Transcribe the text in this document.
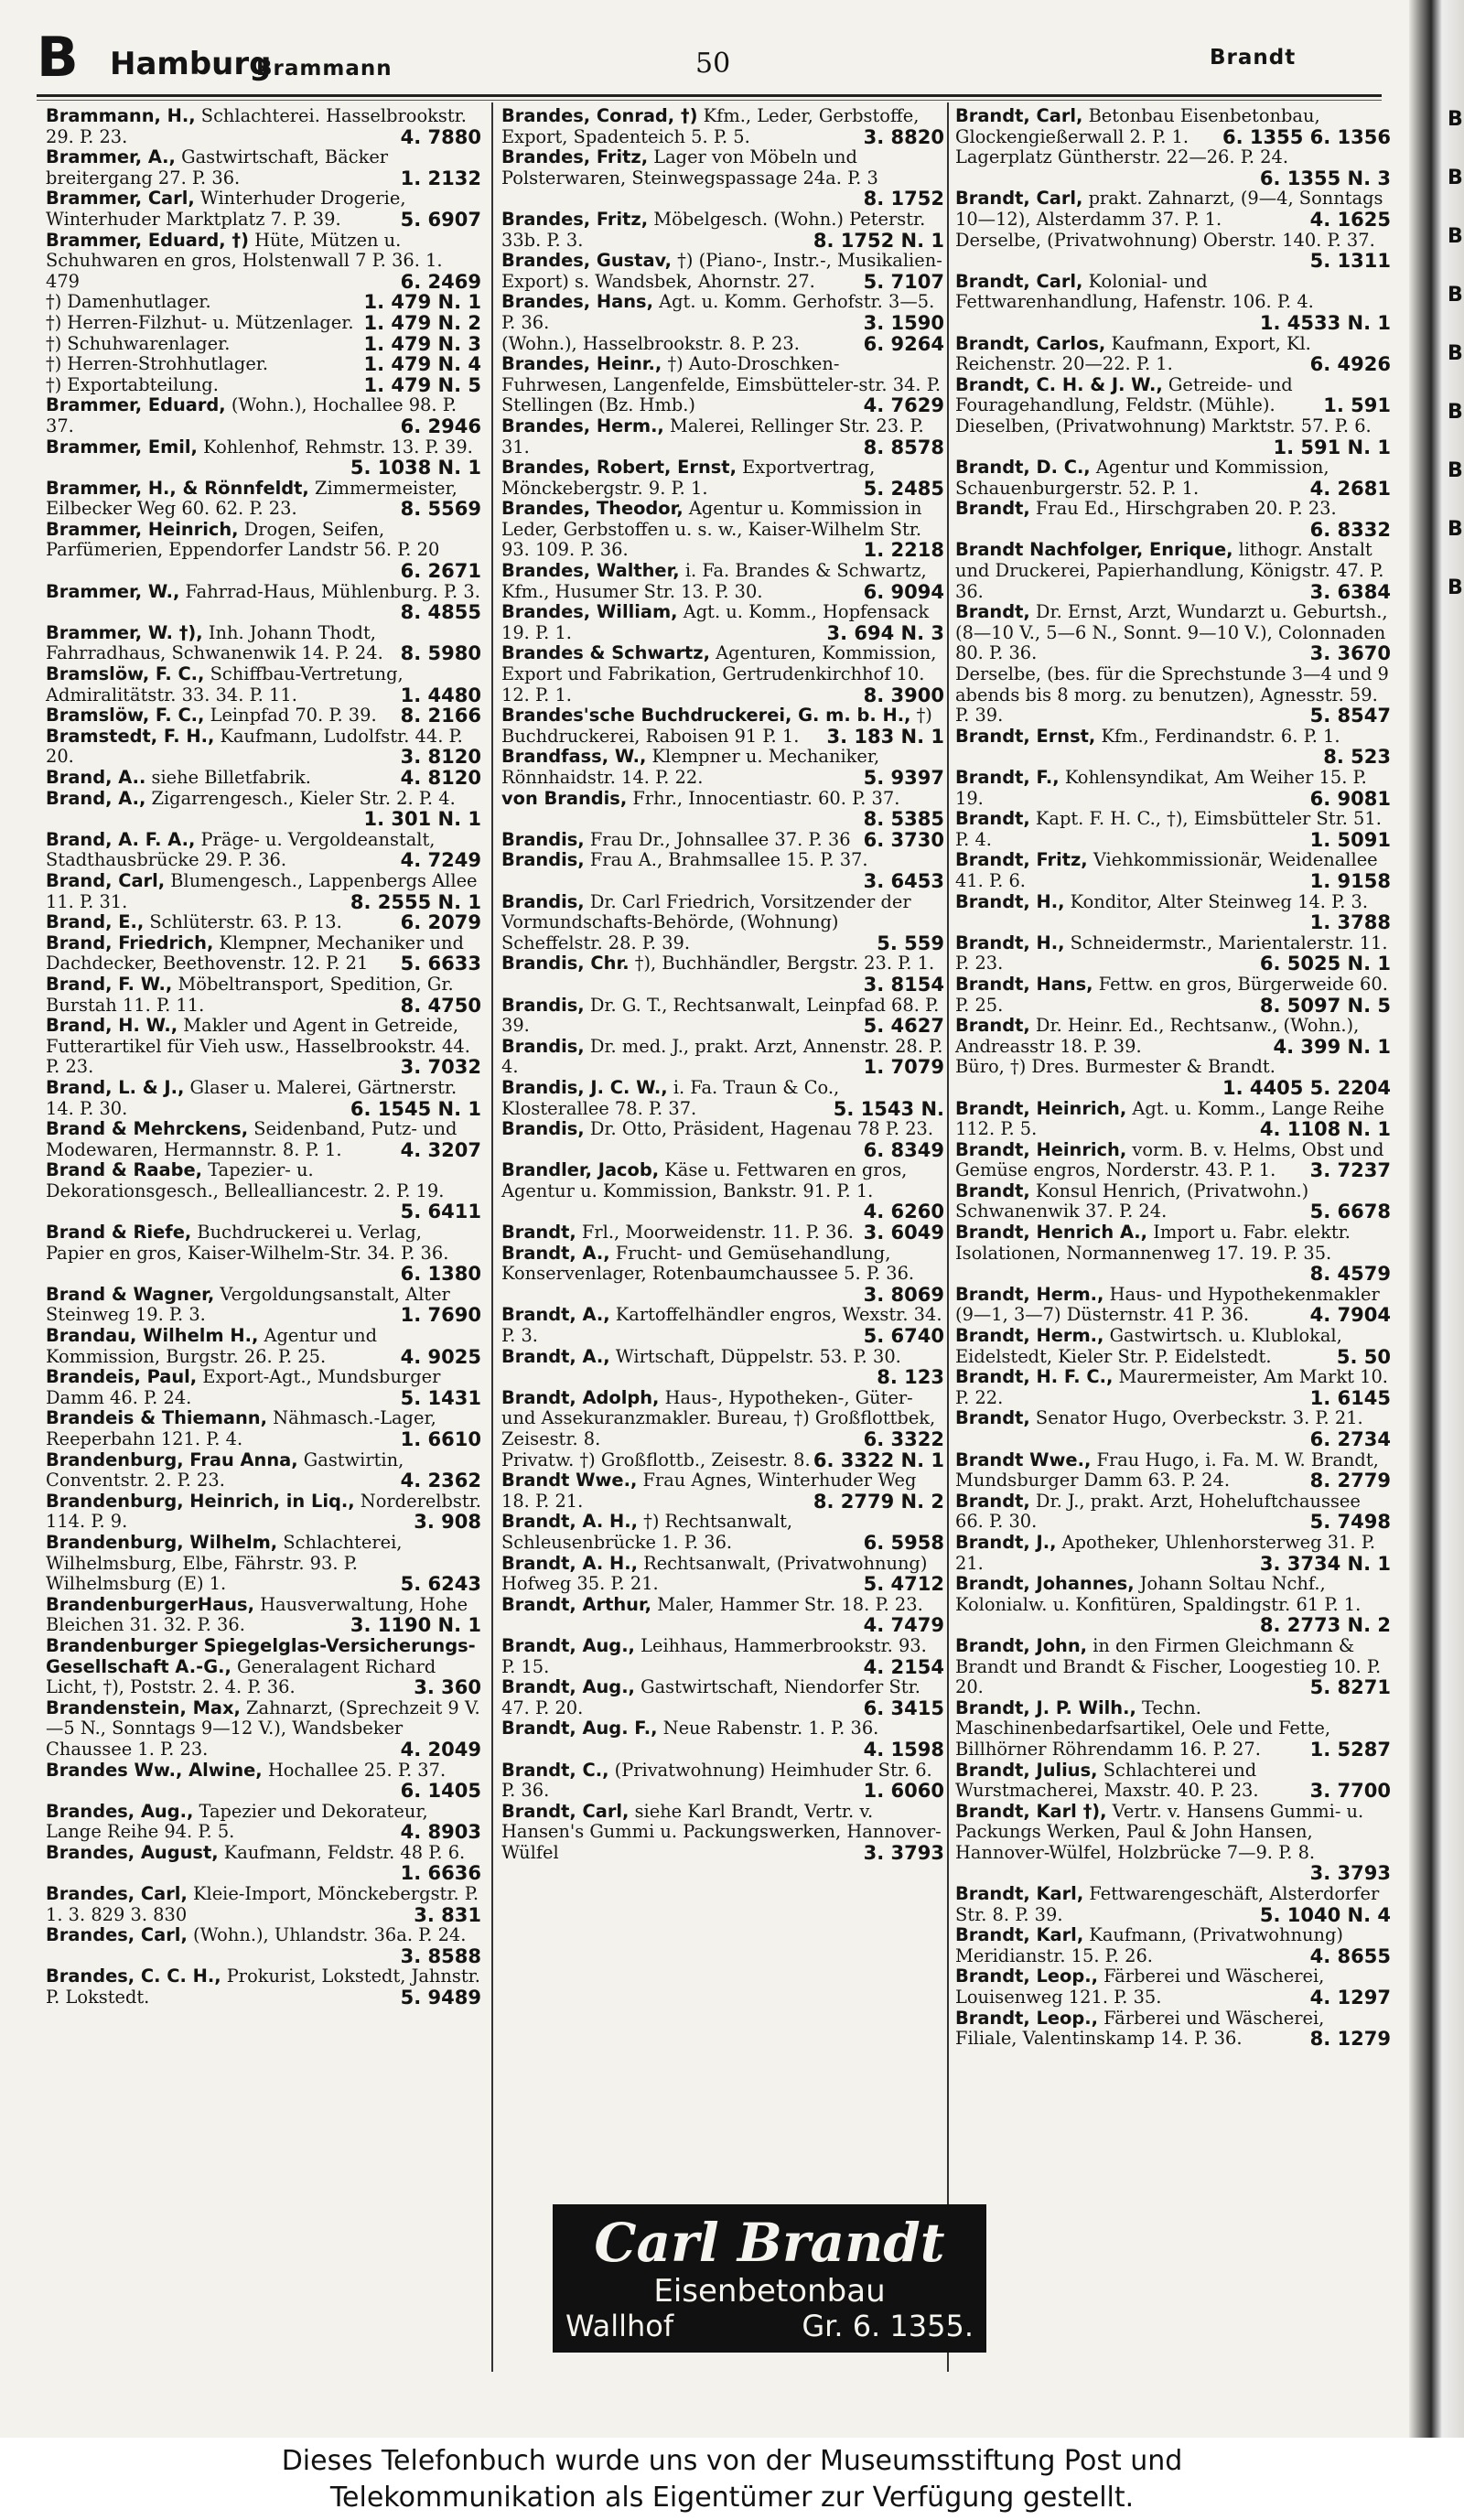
B Hamburg
Brammann	50	Brandt
Brammann, H., Schlachterei. Hasselbrookstr. 29. P. 23.	4. 7880
Brammer, A., Gastwirtschaft, Bäcker breitergang 27. P. 36.	1. 2132
Brammer, Carl, Winterhuder Drogerie, Winterhuder Marktplatz 7. P. 39.	5. 6907
Brammer, Eduard, †) Hüte, Mützen u. Schuhwaren en gros, Holstenwall 7 P. 36. 1. 479	6. 2469
†) Damenhutlager.	1. 479 N. 1
†) Herren-Filzhut- u. Mützenlager. 1. 479 N. 2
†) Schuhwarenlager.	1. 479 N. 3
†) Herren-Strohhutlager.	1. 479 N. 4
†) Exportabteilung.	1. 479 N. 5
Brammer, Eduard, (Wohn.), Hochallee 98. P. 37.	6. 2946
Brammer, Emil, Kohlenhof, Rehmstr. 13. P. 39.
5. 1038 N. 1
Brammer, H., & Rönnfeldt, Zimmermeister, Eilbecker Weg 60. 62. P. 23.	8. 5569
Brammer, Heinrich, Drogen, Seifen, Parfümerien, Eppendorfer Landstr 56. P. 20
6. 2671
Brammer, W., Fahrrad-Haus, Mühlenburg. P. 3.
8. 4855
Brammer, W. †), Inh. Johann Thodt, Fahrradhaus, Schwanenwik 14. P. 24. 8. 5980
Bramslöw, F. C., Schiffbau-Vertretung, Admiralitätstr. 33. 34. P. 11.	1. 4480
Bramslöw, F. C., Leinpfad 70. P. 39. 8. 2166
Bramstedt, F. H., Kaufmann, Ludolfstr. 44. P. 20.	3. 8120
Brand, A.. siehe Billetfabrik.	4. 8120
Brand, A., Zigarrengesch., Kieler Str. 2. P. 4.
1. 301 N. 1
Brand, A. F. A., Präge- u. Vergoldeanstalt, Stadthausbrücke 29. P. 36.	4. 7249
Brand, Carl, Blumengesch., Lappenbergs Allee 11. P. 31.	8. 2555 N. 1
Brand, E., Schlüterstr. 63. P. 13.	6. 2079
Brand, Friedrich, Klempner, Mechaniker und Dachdecker, Beethovenstr. 12. P. 21 5. 6633
Brand, F. W., Möbeltransport, Spedition, Gr. Burstah 11. P. 11.	8. 4750
Brand, H. W., Makler und Agent in Getreide, Futterartikel für Vieh usw., Hasselbrookstr. 44. P. 23.	3. 7032
Brand, L. & J., Glaser u. Malerei, Gärtnerstr. 14. P. 30.	6. 1545 N. 1
Brand & Mehrckens, Seidenband, Putz- und Modewaren, Hermannstr. 8. P. 1.	4. 3207
Brand & Raabe, Tapezier- u. Dekorationsgesch., Bellealliancestr. 2. P. 19.
5. 6411
Brand & Riefe, Buchdruckerei u. Verlag, Papier en gros, Kaiser-Wilhelm-Str. 34. P. 36.
6. 1380
Brand & Wagner, Vergoldungsanstalt, Alter Steinweg 19. P. 3.	1. 7690
Brandau, Wilhelm H., Agentur und Kommission, Burgstr. 26. P. 25.	4. 9025
Brandeis, Paul, Export-Agt., Mundsburger Damm 46. P. 24.	5. 1431
Brandeis & Thiemann, Nähmasch.-Lager, Reeperbahn 121. P. 4.	1. 6610
Brandenburg, Frau Anna, Gastwirtin, Conventstr. 2. P. 23.	4. 2362
Brandenburg, Heinrich, in Liq., Norderelbstr. 114. P. 9.	3. 908
Brandenburg, Wilhelm, Schlachterei, Wilhelmsburg, Elbe, Fährstr. 93. P. Wilhelmsburg (E) 1.	5. 6243
BrandenburgerHaus, Hausverwaltung, Hohe Bleichen 31. 32. P. 36.	3. 1190 N. 1
Brandenburger Spiegelglas-Versicherungs-Gesellschaft A.-G., Generalagent Richard Licht, †), Poststr. 2. 4. P. 36.	3. 360
Brandenstein, Max, Zahnarzt, (Sprechzeit 9 V.—5 N., Sonntags 9—12 V.), Wandsbeker Chaussee 1. P. 23.	4. 2049
Brandes Ww., Alwine, Hochallee 25. P. 37.
6. 1405
Brandes, Aug., Tapezier und Dekorateur, Lange Reihe 94. P. 5.	4. 8903
Brandes, August, Kaufmann, Feldstr. 48 P. 6.
1. 6636
Brandes, Carl, Kleie-Import, Mönckebergstr. P. 1. 3. 829 3. 830	3. 831
Brandes, Carl, (Wohn.), Uhlandstr. 36a. P. 24.
3. 8588
Brandes, C. C. H., Prokurist, Lokstedt, Jahnstr. P. Lokstedt.	5. 9489
Brandes, Conrad, †) Kfm., Leder, Gerbstoffe, Export, Spadenteich 5. P. 5.	3. 8820
Brandes, Fritz, Lager von Möbeln und Polsterwaren, Steinwegspassage 24a. P. 3
8. 1752
Brandes, Fritz, Möbelgesch. (Wohn.) Peterstr. 33b. P. 3.	8. 1752 N. 1
Brandes, Gustav, †) (Piano-, Instr.-, Musikalien-Export) s. Wandsbek, Ahornstr. 27.	5. 7107
Brandes, Hans, Agt. u. Komm. Gerhofstr. 3—5. P. 36.	3. 1590
(Wohn.), Hasselbrookstr. 8. P. 23.	6. 9264
Brandes, Heinr., †) Auto-Droschken-Fuhrwesen, Langenfelde, Eimsbütteler-str. 34. P. Stellingen (Bz. Hmb.)	4. 7629
Brandes, Herm., Malerei, Rellinger Str. 23. P. 31.	8. 8578
Brandes, Robert, Ernst, Exportvertrag, Mönckebergstr. 9. P. 1.	5. 2485
Brandes, Theodor, Agentur u. Kommission in Leder, Gerbstoffen u. s. w., Kaiser-Wilhelm Str. 93. 109. P. 36.	1. 2218
Brandes, Walther, i. Fa. Brandes & Schwartz, Kfm., Husumer Str. 13. P. 30.	6. 9094
Brandes, William, Agt. u. Komm., Hopfensack 19. P. 1.	3. 694 N. 3
Brandes & Schwartz, Agenturen, Kommission, Export und Fabrikation, Gertrudenkirchhof 10. 12. P. 1.	8. 3900
Brandes'sche Buchdruckerei, G. m. b. H., †) Buchdruckerei, Raboisen 91 P. 1. 3. 183 N. 1
Brandfass, W., Klempner u. Mechaniker, Rönnhaidstr. 14. P. 22.	5. 9397
von Brandis, Frhr., Innocentiastr. 60. P. 37.
8. 5385
Brandis, Frau Dr., Johnsallee 37. P. 36 6. 3730
Brandis, Frau A., Brahmsallee 15. P. 37.
3. 6453
Brandis, Dr. Carl Friedrich, Vorsitzender der Vormundschafts-Behörde, (Wohnung) Scheffelstr. 28. P. 39.	5. 559
Brandis, Chr. †), Buchhändler, Bergstr. 23. P. 1.
3. 8154
Brandis, Dr. G. T., Rechtsanwalt, Leinpfad 68. P. 39.	5. 4627
Brandis, Dr. med. J., prakt. Arzt, Annenstr. 28. P. 4.	1. 7079
Brandis, J. C. W., i. Fa. Traun & Co., Klosterallee 78. P. 37.	5. 1543 N.
Brandis, Dr. Otto, Präsident, Hagenau 78 P. 23.
6. 8349
Brandler, Jacob, Käse u. Fettwaren en gros, Agentur u. Kommission, Bankstr. 91. P. 1.
4. 6260
Brandt, Frl., Moorweidenstr. 11. P. 36. 3. 6049
Brandt, A., Frucht- und Gemüsehandlung, Konservenlager, Rotenbaumchaussee 5. P. 36.
3. 8069
Brandt, A., Kartoffelhändler engros, Wexstr. 34. P. 3.	5. 6740
Brandt, A., Wirtschaft, Düppelstr. 53. P. 30.
8. 123
Brandt, Adolph, Haus-, Hypotheken-, Güter- und Assekuranzmakler. Bureau, †) Großflottbek, Zeisestr. 8.	6. 3322
Privatw. †) Großflottb., Zeisestr. 8. 6. 3322 N. 1
Brandt Wwe., Frau Agnes, Winterhuder Weg 18. P. 21.	8. 2779 N. 2
Brandt, A. H., †) Rechtsanwalt, Schleusenbrücke 1. P. 36.	6. 5958
Brandt, A. H., Rechtsanwalt, (Privatwohnung) Hofweg 35. P. 21.	5. 4712
Brandt, Arthur, Maler, Hammer Str. 18. P. 23.
4. 7479
Brandt, Aug., Leihhaus, Hammerbrookstr. 93. P. 15.	4. 2154
Brandt, Aug., Gastwirtschaft, Niendorfer Str. 47. P. 20.	6. 3415
Brandt, Aug. F., Neue Rabenstr. 1. P. 36.
4. 1598
Brandt, C., (Privatwohnung) Heimhuder Str. 6. P. 36.	1. 6060
Brandt, Carl, siehe Karl Brandt, Vertr. v. Hansen's Gummi u. Packungswerken, Hannover-Wülfel	3. 3793
Brandt, Carl, Betonbau Eisenbetonbau, Glockengießerwall 2. P. 1. 6. 1355 6. 1356
Lagerplatz Güntherstr. 22—26. P. 24.
6. 1355 N. 3
Brandt, Carl, prakt. Zahnarzt, (9—4, Sonntags 10—12), Alsterdamm 37. P. 1.	4. 1625
Derselbe, (Privatwohnung) Oberstr. 140. P. 37.
5. 1311
Brandt, Carl, Kolonial- und Fettwarenhandlung, Hafenstr. 106. P. 4.
1. 4533 N. 1
Brandt, Carlos, Kaufmann, Export, Kl. Reichenstr. 20—22. P. 1.	6. 4926
Brandt, C. H. & J. W., Getreide- und Fouragehandlung, Feldstr. (Mühle).	1. 591
Dieselben, (Privatwohnung) Marktstr. 57. P. 6.
1. 591 N. 1
Brandt, D. C., Agentur und Kommission, Schauenburgerstr. 52. P. 1.	4. 2681
Brandt, Frau Ed., Hirschgraben 20. P. 23.
6. 8332
Brandt Nachfolger, Enrique, lithogr. Anstalt und Druckerei, Papierhandlung, Königstr. 47. P. 36.	3. 6384
Brandt, Dr. Ernst, Arzt, Wundarzt u. Geburtsh., (8—10 V., 5—6 N., Sonnt. 9—10 V.), Colonnaden 80. P. 36.	3. 3670
Derselbe, (bes. für die Sprechstunde 3—4 und 9 abends bis 8 morg. zu benutzen), Agnesstr. 59. P. 39.	5. 8547
Brandt, Ernst, Kfm., Ferdinandstr. 6. P. 1.
8. 523
Brandt, F., Kohlensyndikat, Am Weiher 15. P. 19.	6. 9081
Brandt, Kapt. F. H. C., †), Eimsbütteler Str. 51. P. 4.	1. 5091
Brandt, Fritz, Viehkommissionär, Weidenallee 41. P. 6.	1. 9158
Brandt, H., Konditor, Alter Steinweg 14. P. 3.
1. 3788
Brandt, H., Schneidermstr., Marientalerstr. 11. P. 23.	6. 5025 N. 1
Brandt, Hans, Fettw. en gros, Bürgerweide 60. P. 25.	8. 5097 N. 5
Brandt, Dr. Heinr. Ed., Rechtsanw., (Wohn.), Andreasstr 18. P. 39.	4. 399 N. 1
Büro, †) Dres. Burmester & Brandt.
1. 4405 5. 2204
Brandt, Heinrich, Agt. u. Komm., Lange Reihe 112. P. 5.	4. 1108 N. 1
Brandt, Heinrich, vorm. B. v. Helms, Obst und Gemüse engros, Norderstr. 43. P. 1. 3. 7237
Brandt, Konsul Henrich, (Privatwohn.) Schwanenwik 37. P. 24.	5. 6678
Brandt, Henrich A., Import u. Fabr. elektr. Isolationen, Normannenweg 17. 19. P. 35.
8. 4579
Brandt, Herm., Haus- und Hypothekenmakler (9—1, 3—7) Düsternstr. 41 P. 36.	4. 7904
Brandt, Herm., Gastwirtsch. u. Klublokal, Eidelstedt, Kieler Str. P. Eidelstedt.	5. 50
Brandt, H. F. C., Maurermeister, Am Markt 10. P. 22.	1. 6145
Brandt, Senator Hugo, Overbeckstr. 3. P. 21.
6. 2734
Brandt Wwe., Frau Hugo, i. Fa. M. W. Brandt, Mundsburger Damm 63. P. 24.	8. 2779
Brandt, Dr. J., prakt. Arzt, Hoheluftchaussee 66. P. 30.	5. 7498
Brandt, J., Apotheker, Uhlenhorsterweg 31. P. 21.	3. 3734 N. 1
Brandt, Johannes, Johann Soltau Nchf., Kolonialw. u. Konfitüren, Spaldingstr. 61 P. 1.
8. 2773 N. 2
Brandt, John, in den Firmen Gleichmann & Brandt und Brandt & Fischer, Loogestieg 10. P. 20.	5. 8271
Brandt, J. P. Wilh., Techn. Maschinenbedarfsartikel, Oele und Fette, Billhörner Röhrendamm 16. P. 27.	1. 5287
Brandt, Julius, Schlachterei und Wurstmacherei, Maxstr. 40. P. 23.	3. 7700
Brandt, Karl †), Vertr. v. Hansens Gummi- u. Packungs Werken, Paul & John Hansen, Hannover-Wülfel, Holzbrücke 7—9. P. 8.
3. 3793
Brandt, Karl, Fettwarengeschäft, Alsterdorfer Str. 8. P. 39.	5. 1040 N. 4
Brandt, Karl, Kaufmann, (Privatwohnung) Meridianstr. 15. P. 26.	4. 8655
Brandt, Leop., Färberei und Wäscherei, Louisenweg 121. P. 35.	4. 1297
Brandt, Leop., Färberei und Wäscherei, Filiale, Valentinskamp 14. P. 36.	8. 1279
Carl Brandt
Eisenbetonbau
Wallhof	Gr. 6. 1355.
B
B
B
B
B
B
B
B
B
Dieses Telefonbuch wurde uns von der Museumsstiftung Post und
Telekommunikation als Eigentümer zur Verfügung gestellt.
